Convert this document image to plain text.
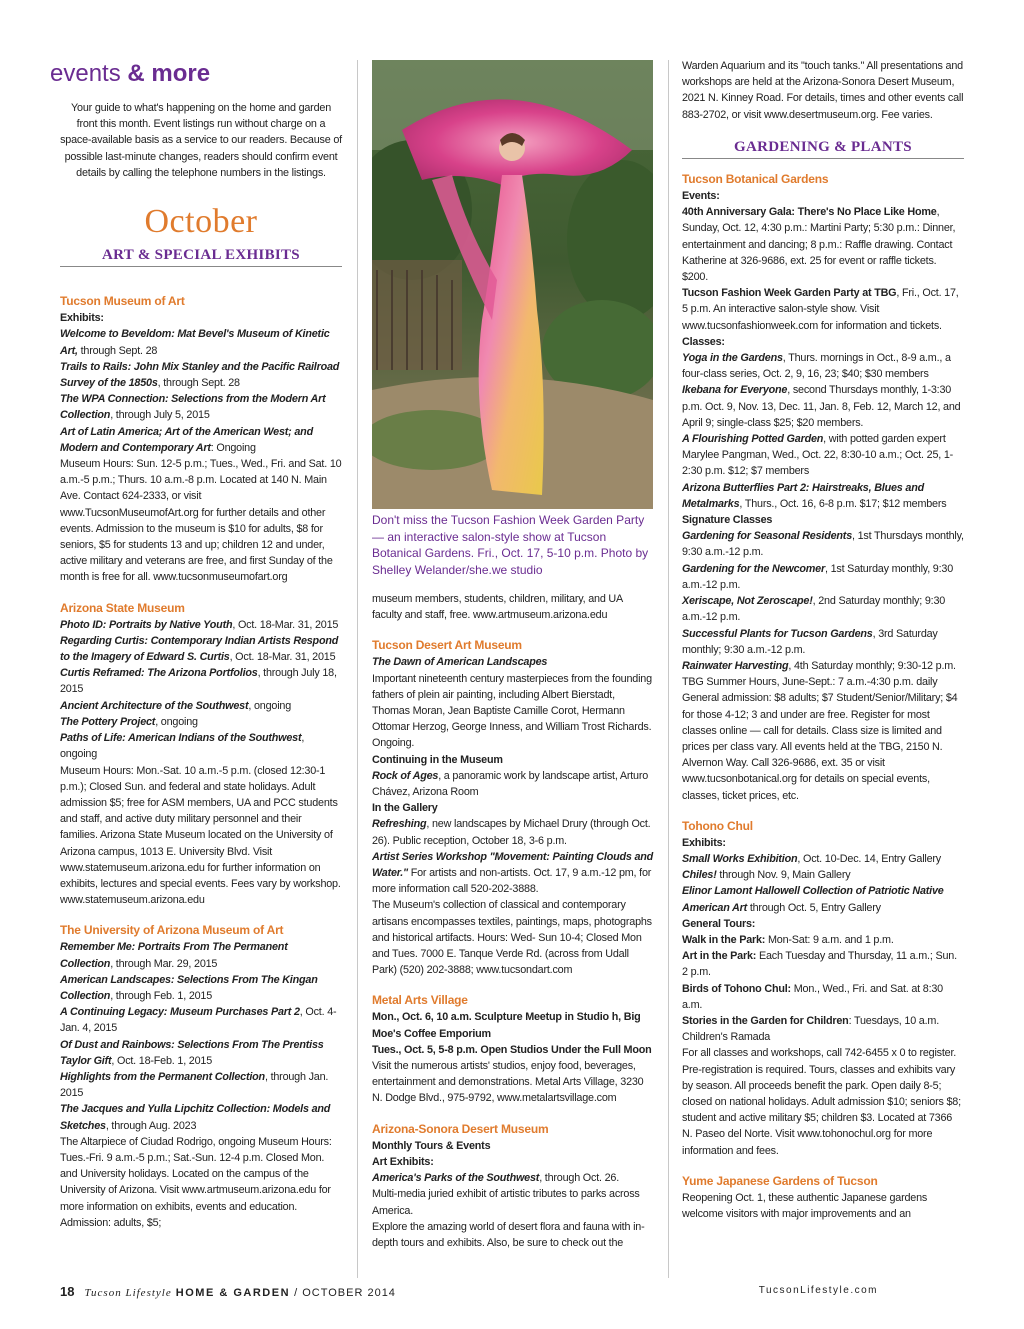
events & more

Your guide to what's happening on the home and garden front this month. Event listings run without charge on a space-available basis as a service to our readers. Because of possible last-minute changes, readers should confirm event details by calling the telephone numbers in the listings.

October
ART & SPECIAL EXHIBITS
Tucson Museum of Art

Exhibits:

Welcome to Beveldom: Mat Bevel's Museum of Kinetic Art, through Sept. 28

Trails to Rails: John Mix Stanley and the Pacific Railroad Survey of the 1850s, through Sept. 28

The WPA Connection: Selections from the Modern Art Collection, through July 5, 2015

Art of Latin America; Art of the American West; and Modern and Contemporary Art: Ongoing

Museum Hours: Sun. 12-5 p.m.; Tues., Wed., Fri. and Sat. 10 a.m.-5 p.m.; Thurs. 10 a.m.-8 p.m. Located at 140 N. Main Ave. Contact 624-2333, or visit www.TucsonMuseumofArt.org for further details and other events. Admission to the museum is $10 for adults, $8 for seniors, $5 for students 13 and up; children 12 and under, active military and veterans are free, and first Sunday of the month is free for all. www.tucsonmuseumofart.org

Arizona State Museum

Photo ID: Portraits by Native Youth, Oct. 18-Mar. 31, 2015

Regarding Curtis: Contemporary Indian Artists Respond to the Imagery of Edward S. Curtis, Oct. 18-Mar. 31, 2015

Curtis Reframed: The Arizona Portfolios, through July 18, 2015

Ancient Architecture of the Southwest, ongoing

The Pottery Project, ongoing

Paths of Life: American Indians of the Southwest, ongoing

Museum Hours: Mon.-Sat. 10 a.m.-5 p.m. (closed 12:30-1 p.m.); Closed Sun. and federal and state holidays. Adult admission $5; free for ASM members, UA and PCC students and staff, and active duty military personnel and their families. Arizona State Museum located on the University of Arizona campus, 1013 E. University Blvd. Visit www.statemuseum.arizona.edu for further information on exhibits, lectures and special events. Fees vary by workshop. www.statemuseum.arizona.edu

The University of Arizona Museum of Art

Remember Me: Portraits From The Permanent Collection, through Mar. 29, 2015

American Landscapes: Selections From The Kingan Collection, through Feb. 1, 2015

A Continuing Legacy: Museum Purchases Part 2, Oct. 4-Jan. 4, 2015

Of Dust and Rainbows: Selections From The Prentiss Taylor Gift, Oct. 18-Feb. 1, 2015

Highlights from the Permanent Collection, through Jan. 2015

The Jacques and Yulla Lipchitz Collection: Models and Sketches, through Aug. 2023

The Altarpiece of Ciudad Rodrigo, ongoing Museum Hours: Tues.-Fri. 9 a.m.-5 p.m.; Sat.-Sun. 12-4 p.m. Closed Mon. and University holidays. Located on the campus of the University of Arizona. Visit www.artmuseum.arizona.edu for more information on exhibits, events and education. Admission: adults, $5;

Don't miss the Tucson Fashion Week Garden Party — an interactive salon-style show at Tucson Botanical Gardens. Fri., Oct. 17, 5-10 p.m. Photo by Shelley Welander/she.we studio

museum members, students, children, military, and UA faculty and staff, free. www.artmuseum.arizona.edu

Tucson Desert Art Museum

The Dawn of American Landscapes

Important nineteenth century masterpieces from the founding fathers of plein air painting, including Albert Bierstadt, Thomas Moran, Jean Baptiste Camille Corot, Hermann Ottomar Herzog, George Inness, and William Trost Richards. Ongoing.

Continuing in the Museum

Rock of Ages, a panoramic work by landscape artist, Arturo Chávez, Arizona Room

In the Gallery

Refreshing, new landscapes by Michael Drury (through Oct. 26). Public reception, October 18, 3-6 p.m.

Artist Series Workshop "Movement: Painting Clouds and Water." For artists and non-artists. Oct. 17, 9 a.m.-12 pm, for more information call 520-202-3888.

The Museum's collection of classical and contemporary artisans encompasses textiles, paintings, maps, photographs and historical artifacts. Hours: Wed- Sun 10-4; Closed Mon and Tues. 7000 E. Tanque Verde Rd. (across from Udall Park) (520) 202-3888; www.tucsondart.com

Metal Arts Village

Mon., Oct. 6, 10 a.m. Sculpture Meetup in Studio h, Big Moe's Coffee Emporium

Tues., Oct. 5, 5-8 p.m. Open Studios Under the Full Moon

Visit the numerous artists' studios, enjoy food, beverages, entertainment and demonstrations. Metal Arts Village, 3230 N. Dodge Blvd., 975-9792, www.metalartsvillage.com

Arizona-Sonora Desert Museum

Monthly Tours & Events

Art Exhibits:

America's Parks of the Southwest, through Oct. 26.

Multi-media juried exhibit of artistic tributes to parks across America.

Explore the amazing world of desert flora and fauna with in-depth tours and exhibits. Also, be sure to check out the

Warden Aquarium and its "touch tanks." All presentations and workshops are held at the Arizona-Sonora Desert Museum, 2021 N. Kinney Road. For details, times and other events call 883-2702, or visit www.desertmuseum.org. Fee varies.

GARDENING & PLANTS
Tucson Botanical Gardens

Events:

40th Anniversary Gala: There's No Place Like Home, Sunday, Oct. 12, 4:30 p.m.: Martini Party; 5:30 p.m.: Dinner, entertainment and dancing; 8 p.m.: Raffle drawing. Contact Katherine at 326-9686, ext. 25 for event or raffle tickets. $200.

Tucson Fashion Week Garden Party at TBG, Fri., Oct. 17, 5 p.m. An interactive salon-style show. Visit www.tucsonfashionweek.com for information and tickets.

Classes:

Yoga in the Gardens, Thurs. mornings in Oct., 8-9 a.m., a four-class series, Oct. 2, 9, 16, 23; $40; $30 members

Ikebana for Everyone, second Thursdays monthly, 1-3:30 p.m. Oct. 9, Nov. 13, Dec. 11, Jan. 8, Feb. 12, March 12, and April 9; single-class $25; $20 members.

A Flourishing Potted Garden, with potted garden expert Marylee Pangman, Wed., Oct. 22, 8:30-10 a.m.; Oct. 25, 1-2:30 p.m. $12; $7 members

Arizona Butterflies Part 2: Hairstreaks, Blues and Metalmarks, Thurs., Oct. 16, 6-8 p.m. $17; $12 members

Signature Classes

Gardening for Seasonal Residents, 1st Thursdays monthly, 9:30 a.m.-12 p.m.

Gardening for the Newcomer, 1st Saturday monthly, 9:30 a.m.-12 p.m.

Xeriscape, Not Zeroscape!, 2nd Saturday monthly; 9:30 a.m.-12 p.m.

Successful Plants for Tucson Gardens, 3rd Saturday monthly; 9:30 a.m.-12 p.m.

Rainwater Harvesting, 4th Saturday monthly; 9:30-12 p.m.

TBG Summer Hours, June-Sept.: 7 a.m.-4:30 p.m. daily General admission: $8 adults; $7 Student/Senior/Military; $4 for those 4-12; 3 and under are free. Register for most classes online — call for details. Class size is limited and prices per class vary. All events held at the TBG, 2150 N. Alvernon Way. Call 326-9686, ext. 35 or visit www.tucsonbotanical.org for details on special events, classes, ticket prices, etc.

Tohono Chul

Exhibits:

Small Works Exhibition, Oct. 10-Dec. 14, Entry Gallery

Chiles! through Nov. 9, Main Gallery

Elinor Lamont Hallowell Collection of Patriotic Native American Art through Oct. 5, Entry Gallery

General Tours:

Walk in the Park: Mon-Sat: 9 a.m. and 1 p.m.

Art in the Park: Each Tuesday and Thursday, 11 a.m.; Sun. 2 p.m.

Birds of Tohono Chul: Mon., Wed., Fri. and Sat. at 8:30 a.m.

Stories in the Garden for Children: Tuesdays, 10 a.m. Children's Ramada

For all classes and workshops, call 742-6455 x 0 to register. Pre-registration is required. Tours, classes and exhibits vary by season. All proceeds benefit the park. Open daily 8-5; closed on national holidays. Adult admission $10; seniors $8; student and active military $5; children $3. Located at 7366 N. Paseo del Norte. Visit www.tohonochul.org for more information and fees.

Yume Japanese Gardens of Tucson

Reopening Oct. 1, these authentic Japanese gardens welcome visitors with major improvements and an

18 Tucson Lifestyle HOME & GARDEN / OCTOBER 2014	TucsonLifestyle.com
